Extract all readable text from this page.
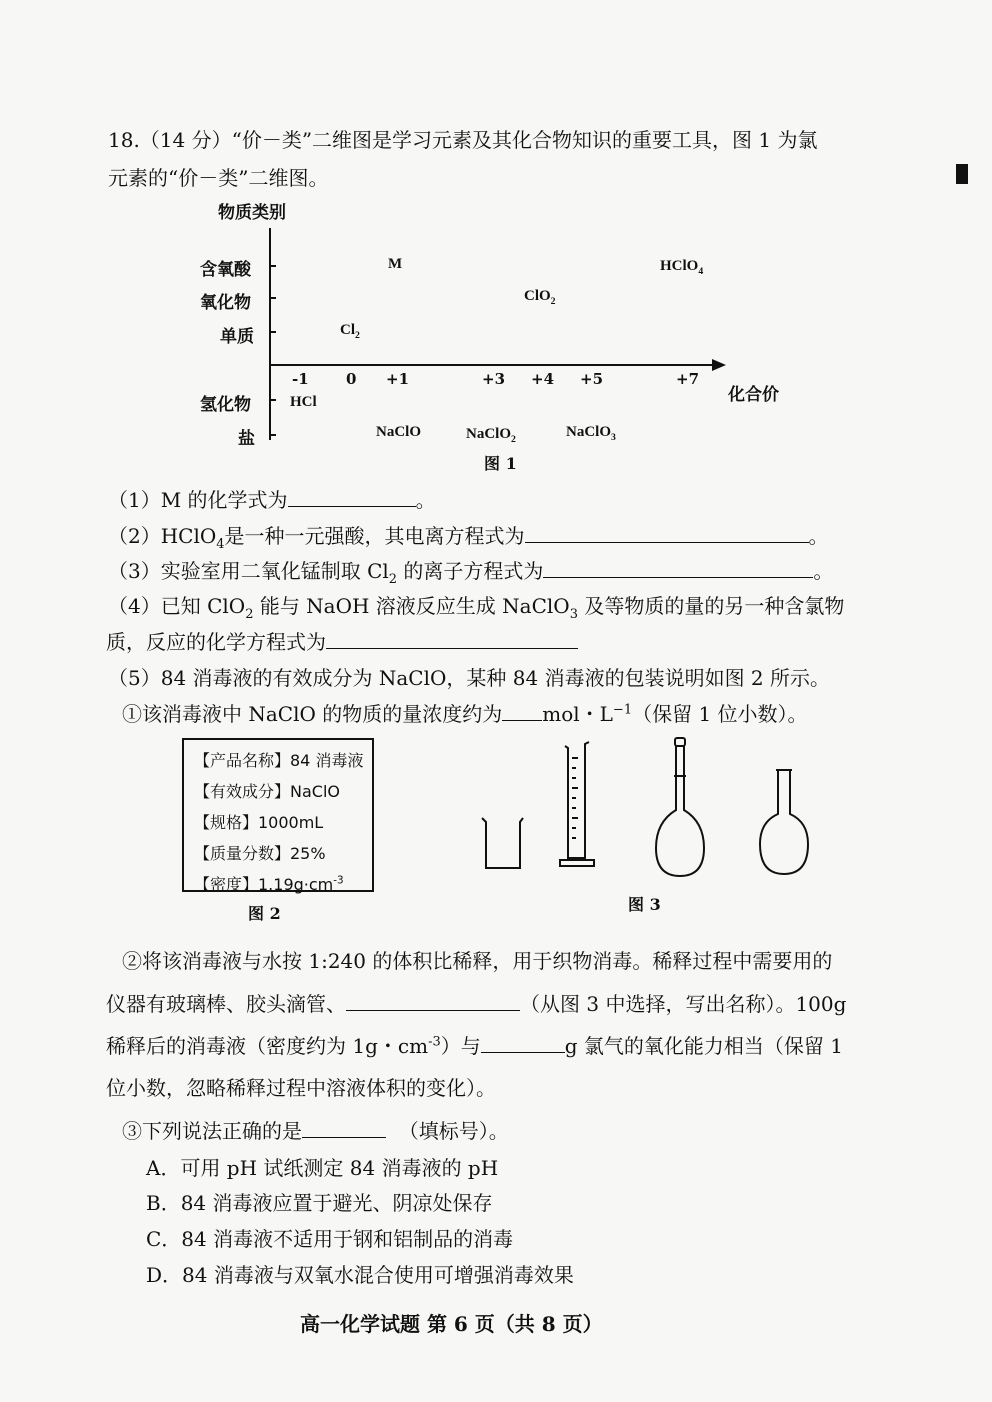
18.（14 分）“价－类”二维图是学习元素及其化合物知识的重要工具，图 1 为氯
元素的“价－类”二维图。
物质类别
化合价
含氧酸
氧化物
单质
氢化物
盐
-1 0 +1	+3 +4 +5	+7
M	HClO$_4$
ClO$_2$
$Cl_2$
HCl
NaClO	NaClO$_2$	NaClO$_3$
图 1
（1）M 的化学式为	。
（2）HClO$_4$是一种一元强酸，其电离方程式为	。
（3）实验室用二氧化锰制取 $Cl_2$ 的离子方程式为	。
（4）已知 ClO$_2$ 能与 NaOH 溶液反应生成 NaClO$_3$ 及等物质的量的另一种含氯物
质，反应的化学方程式为
（5）84 消毒液的有效成分为 NaClO，某种 84 消毒液的包装说明如图 2 所示。
①该消毒液中 NaClO 的物质的量浓度约为 mol・$L^{-1}$（保留 1 位小数）。
【产品名称】84 消毒液
【有效成分】NaClO
【规格】1000mL
【质量分数】25%
【密度】$1.19g\cdot cm^{-3}$
图 2	图 3
②将该消毒液与水按 1:240 的体积比稀释，用于织物消毒。稀释过程中需要用的
仪器有玻璃棒、胶头滴管、	（从图 3 中选择，写出名称）。100g
稀释后的消毒液（密度约为 1g・$cm^{-3}$）与	g 氯气的氧化能力相当（保留 1
位小数，忽略稀释过程中溶液体积的变化）。
③下列说法正确的是	（填标号）。
A．可用 pH 试纸测定 84 消毒液的 pH
B．84 消毒液应置于避光、阴凉处保存
C．84 消毒液不适用于钢和铝制品的消毒
D．84 消毒液与双氧水混合使用可增强消毒效果
高一化学试题 第 6 页（共 8 页）
